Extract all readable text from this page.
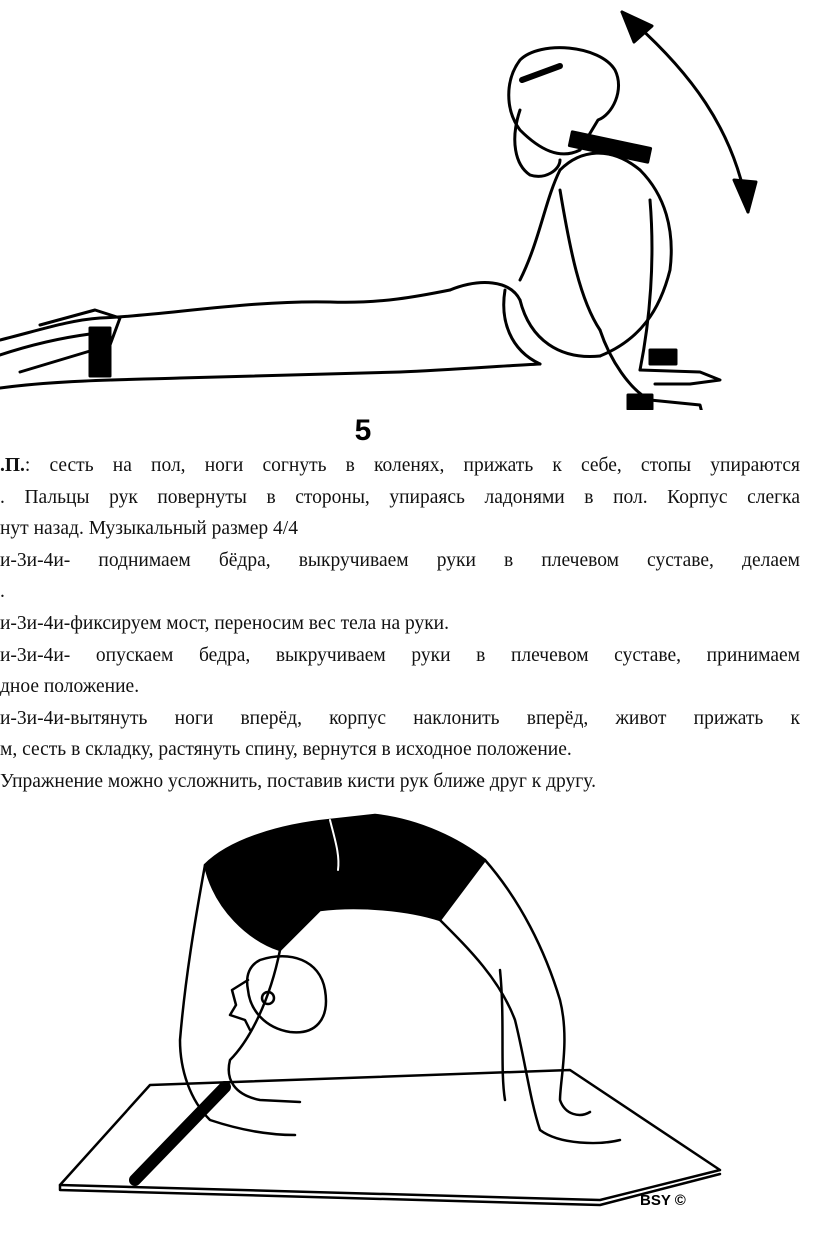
5
.П.: сесть на пол, ноги согнуть в коленях, прижать к себе, стопы упираются
. Пальцы рук повернуты в стороны, упираясь ладонями в пол. Корпус слегка
нут назад. Музыкальный размер 4/4
и-3и-4и- поднимаем бёдра, выкручиваем руки в плечевом суставе, делаем
.
и-3и-4и-фиксируем мост, переносим вес тела на руки.
и-3и-4и- опускаем бедра, выкручиваем руки в плечевом суставе, принимаем
дное положение.
и-3и-4и-вытянуть ноги вперёд, корпус наклонить вперёд, живот прижать к
м, сесть в складку, растянуть спину, вернутся в исходное положение.
Упражнение можно усложнить, поставив кисти рук ближе друг к другу.
BSY ©
